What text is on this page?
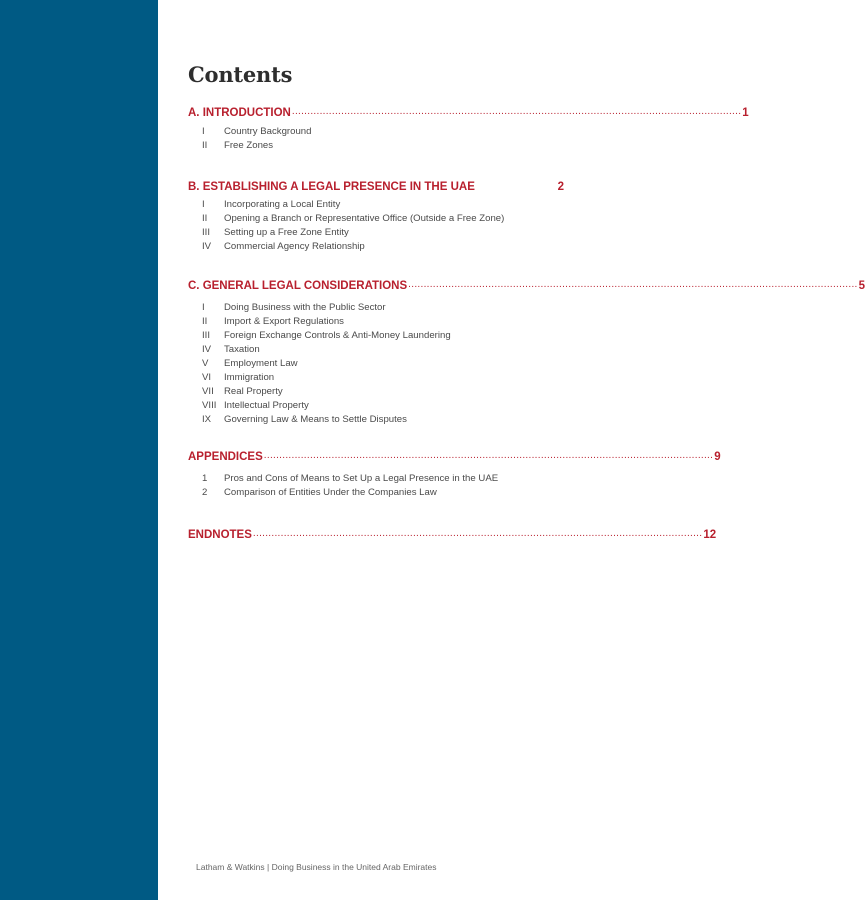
Contents
A. INTRODUCTION .................................................................................................................................................. 1
I	Country Background
II	Free Zones
B. ESTABLISHING A LEGAL PRESENCE IN THE UAE	2
I	Incorporating a Local Entity
II	Opening a Branch or Representative Office (Outside a Free Zone)
III	Setting up a Free Zone Entity
IV	Commercial Agency Relationship
C. GENERAL LEGAL CONSIDERATIONS .................................................................................................................................................. 5
I	Doing Business with the Public Sector
II	Import & Export Regulations
III	Foreign Exchange Controls & Anti-Money Laundering
IV	Taxation
V	Employment Law
VI	Immigration
VII	Real Property
VIII Intellectual Property
IX	Governing Law & Means to Settle Disputes
APPENDICES .................................................................................................................................................. 9
1	Pros and Cons of Means to Set Up a Legal Presence in the UAE
2	Comparison of Entities Under the Companies Law
ENDNOTES .................................................................................................................................................. 12
Latham & Watkins | Doing Business in the United Arab Emirates
